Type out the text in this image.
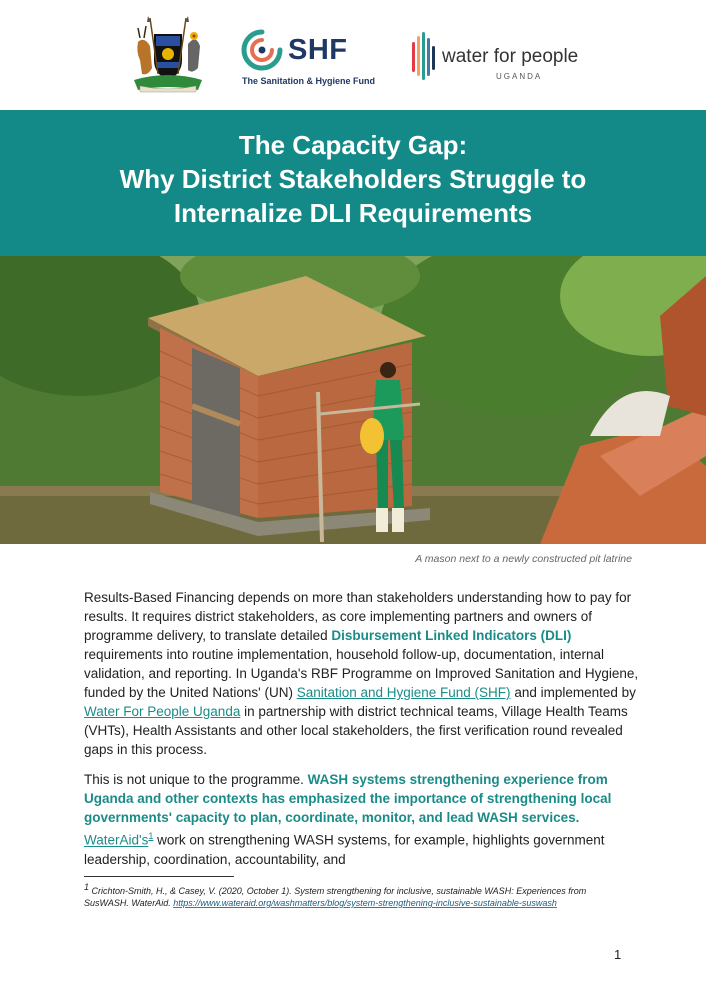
SHF
The Sanitation & Hygiene Fund
water for people
UGANDA
The Capacity Gap:
Why District Stakeholders Struggle to
Internalize DLI Requirements
A mason next to a newly constructed pit latrine
Results-Based Financing depends on more than stakeholders understanding how to pay for results. It requires district stakeholders, as core implementing partners and owners of programme delivery, to translate detailed Disbursement Linked Indicators (DLI) requirements into routine implementation, household follow-up, documentation, internal validation, and reporting. In Uganda's RBF Programme on Improved Sanitation and Hygiene, funded by the United Nations' (UN) Sanitation and Hygiene Fund (SHF) and implemented by Water For People Uganda in partnership with district technical teams, Village Health Teams (VHTs), Health Assistants and other local stakeholders, the first verification round revealed gaps in this process.
This is not unique to the programme. WASH systems strengthening experience from Uganda and other contexts has emphasized the importance of strengthening local governments' capacity to plan, coordinate, monitor, and lead WASH services. $WaterAid's^1$ work on strengthening WASH systems, for example, highlights government leadership, coordination, accountability, and
$^1$ Crichton-Smith, H., & Casey, V. (2020, October 1). System strengthening for inclusive, sustainable WASH: Experiences from SusWASH. WaterAid. https://www.wateraid.org/washmatters/blog/system-strengthening-inclusive-sustainable-suswash
1
